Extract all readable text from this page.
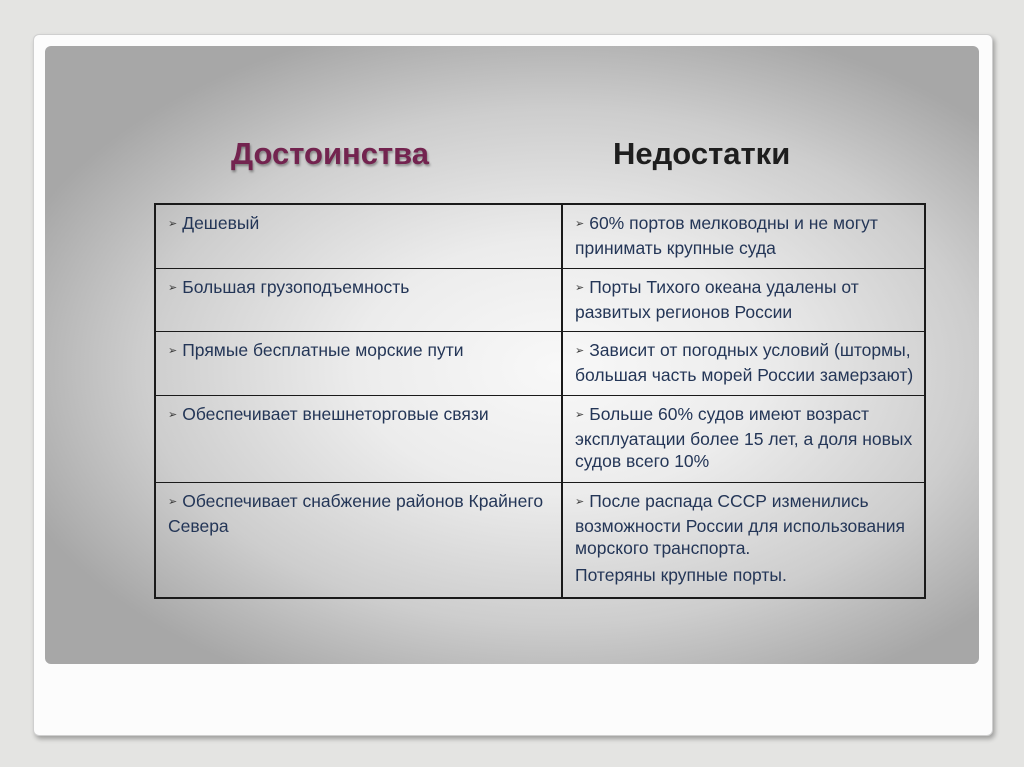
Достоинства	Недостатки
➢ Дешевый	➢ 60% портов мелководны и не могут принимать крупные суда
➢ Большая грузоподъемность	➢ Порты Тихого океана удалены от развитых регионов России
➢ Прямые бесплатные морские пути	➢ Зависит от погодных условий (штормы, большая часть морей России замерзают)
➢ Обеспечивает внешнеторговые связи	➢ Больше 60% судов имеют возраст эксплуатации более 15 лет, а доля новых судов всего 10%
➢ Обеспечивает снабжение районов Крайнего Севера	➢ После распада СССР изменились возможности России для использования морского транспорта.
Потеряны крупные порты.
